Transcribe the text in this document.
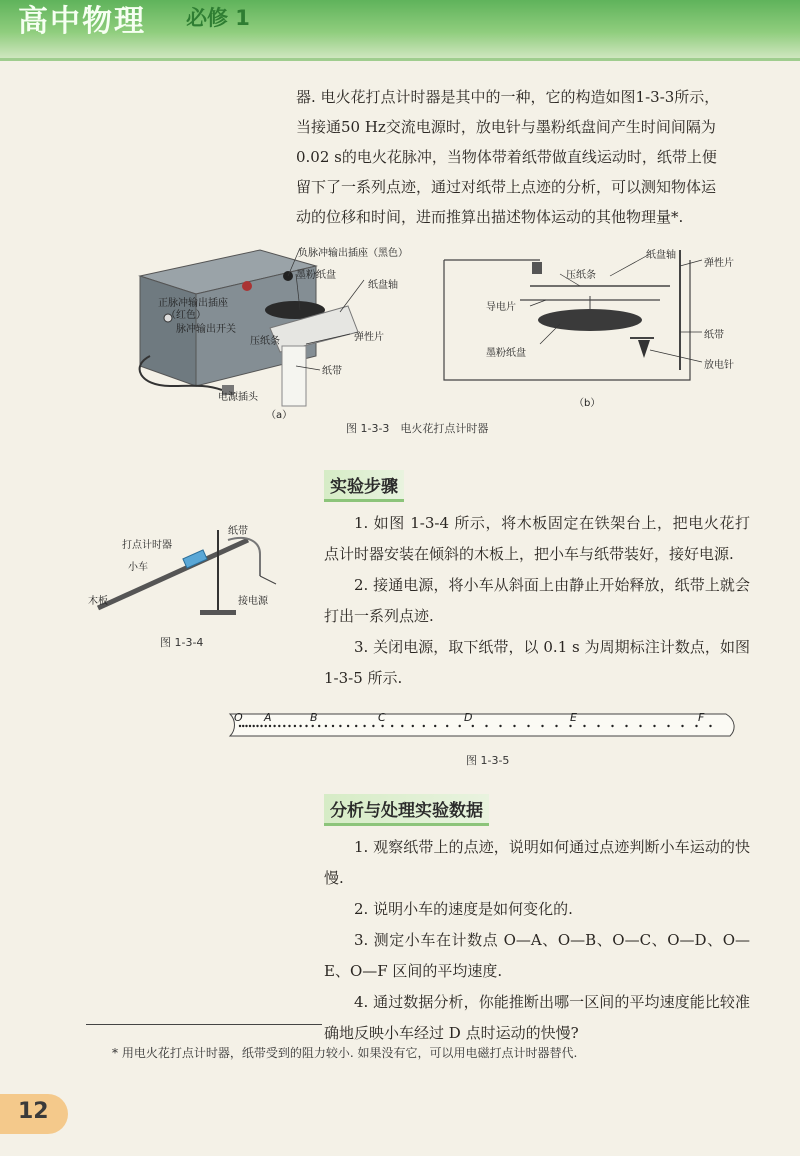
高中物理 必修 1

器. 电火花打点计时器是其中的一种，它的构造如图1-3-3所示，

当接通50 Hz交流电源时，放电针与墨粉纸盘间产生时间间隔为

0.02 s的电火花脉冲，当物体带着纸带做直线运动时，纸带上便

留下了一系列点迹，通过对纸带上点迹的分析，可以测知物体运

动的位移和时间，进而推算出描述物体运动的其他物理量*.

负脉冲输出插座（黑色）
墨粉纸盘
纸盘轴
正脉冲输出插座
（红色）
脉冲输出开关
压纸条	弹性片
纸带
电源插头
（a）
纸盘轴
弹性片
压纸条
导电片
纸带
墨粉纸盘
放电针
（b）
图 1-3-3　电火花打点计时器
实验步骤

1. 如图 1-3-4 所示，将木板固定在铁架台上，把电火花打点计时器安装在倾斜的木板上，把小车与纸带装好，接好电源.

2. 接通电源，将小车从斜面上由静止开始释放，纸带上就会打出一系列点迹.

3. 关闭电源，取下纸带，以 0.1 s 为周期标注计数点，如图 1-3-5 所示.

打点计时器
纸带
小车
木板	接电源
图 1-3-4
O A	B	C	D	E	F
图 1-3-5
分析与处理实验数据

1. 观察纸带上的点迹，说明如何通过点迹判断小车运动的快慢.

2. 说明小车的速度是如何变化的.

3. 测定小车在计数点 O—A、O—B、O—C、O—D、O—E、O—F 区间的平均速度.

4. 通过数据分析，你能推断出哪一区间的平均速度能比较准确地反映小车经过 D 点时运动的快慢?

* 用电火花打点计时器，纸带受到的阻力较小. 如果没有它，可以用电磁打点计时器替代.
12
